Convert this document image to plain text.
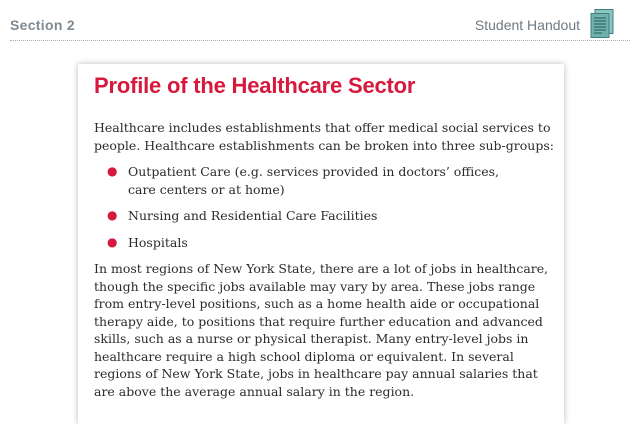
Section 2	Student Handout
Profile of the Healthcare Sector

Healthcare includes establishments that offer medical social services to people. Healthcare establishments can be broken into three sub-groups:

● Outpatient Care (e.g. services provided in doctors’ offices,
care centers or at home)
● Nursing and Residential Care Facilities
● Hospitals

In most regions of New York State, there are a lot of jobs in healthcare, though the specific jobs available may vary by area. These jobs range from entry-level positions, such as a home health aide or occupational therapy aide, to positions that require further education and advanced skills, such as a nurse or physical therapist. Many entry-level jobs in healthcare require a high school diploma or equivalent. In several regions of New York State, jobs in healthcare pay annual salaries that are above the average annual salary in the region.
